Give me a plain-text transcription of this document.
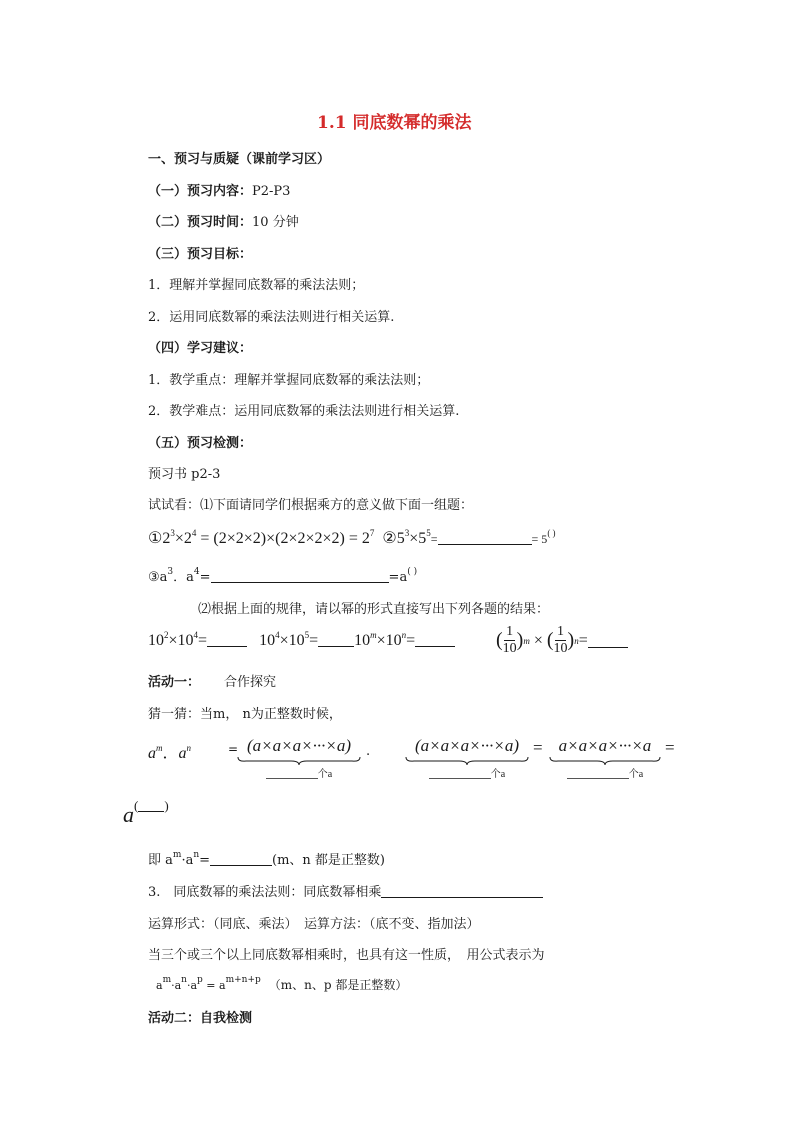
1.1 同底数幂的乘法
一、预习与质疑（课前学习区）
（一）预习内容：P2-P3
（二）预习时间：10 分钟
（三）预习目标：
1．理解并掌握同底数幂的乘法法则；
2．运用同底数幂的乘法法则进行相关运算.
（四）学习建议：
1．教学重点：理解并掌握同底数幂的乘法法则；
2．教学难点：运用同底数幂的乘法法则进行相关运算.
（五）预习检测：
预习书 p2-3
试试看：⑴下面请同学们根据乘方的意义做下面一组题：
$①2^3\times 2^4 = (2\times 2\times 2)\times(2\times 2\times 2\times 2) = 2^7$ $②5^3\times 5^5=$	= 5( )
$③a^3$．$a^4=$	=a( )
⑵根据上面的规律，请以幂的形式直接写出下列各题的结果：
$10^2\times 10^4=$	$10^4\times 10^5= 10^m\times 10^n=$	( $\frac{1}{10}$ ) m × ( $\frac{1}{10}$ ) n =
活动一： 合作探究
猜一猜：当m， n为正整数时候，
$a^m$．$a^n$	= (a×a×a×···×a)
个a
.	(a×a×a×···×a)
个a
= a×a×a×···×a
个a
=
a( )
即 $a^m\cdot a^n=$	(m、n 都是正整数)
3.　同底数幂的乘法法则：同底数幂相乘
运算形式：（同底、乘法）　运算方法：（底不变、指加法）
当三个或三个以上同底数幂相乘时，也具有这一性质，　用公式表示为
$a^m\cdot a^n\cdot a^p = a^{m+n+p}$ （m、n、p 都是正整数）
活动二：自我检测
